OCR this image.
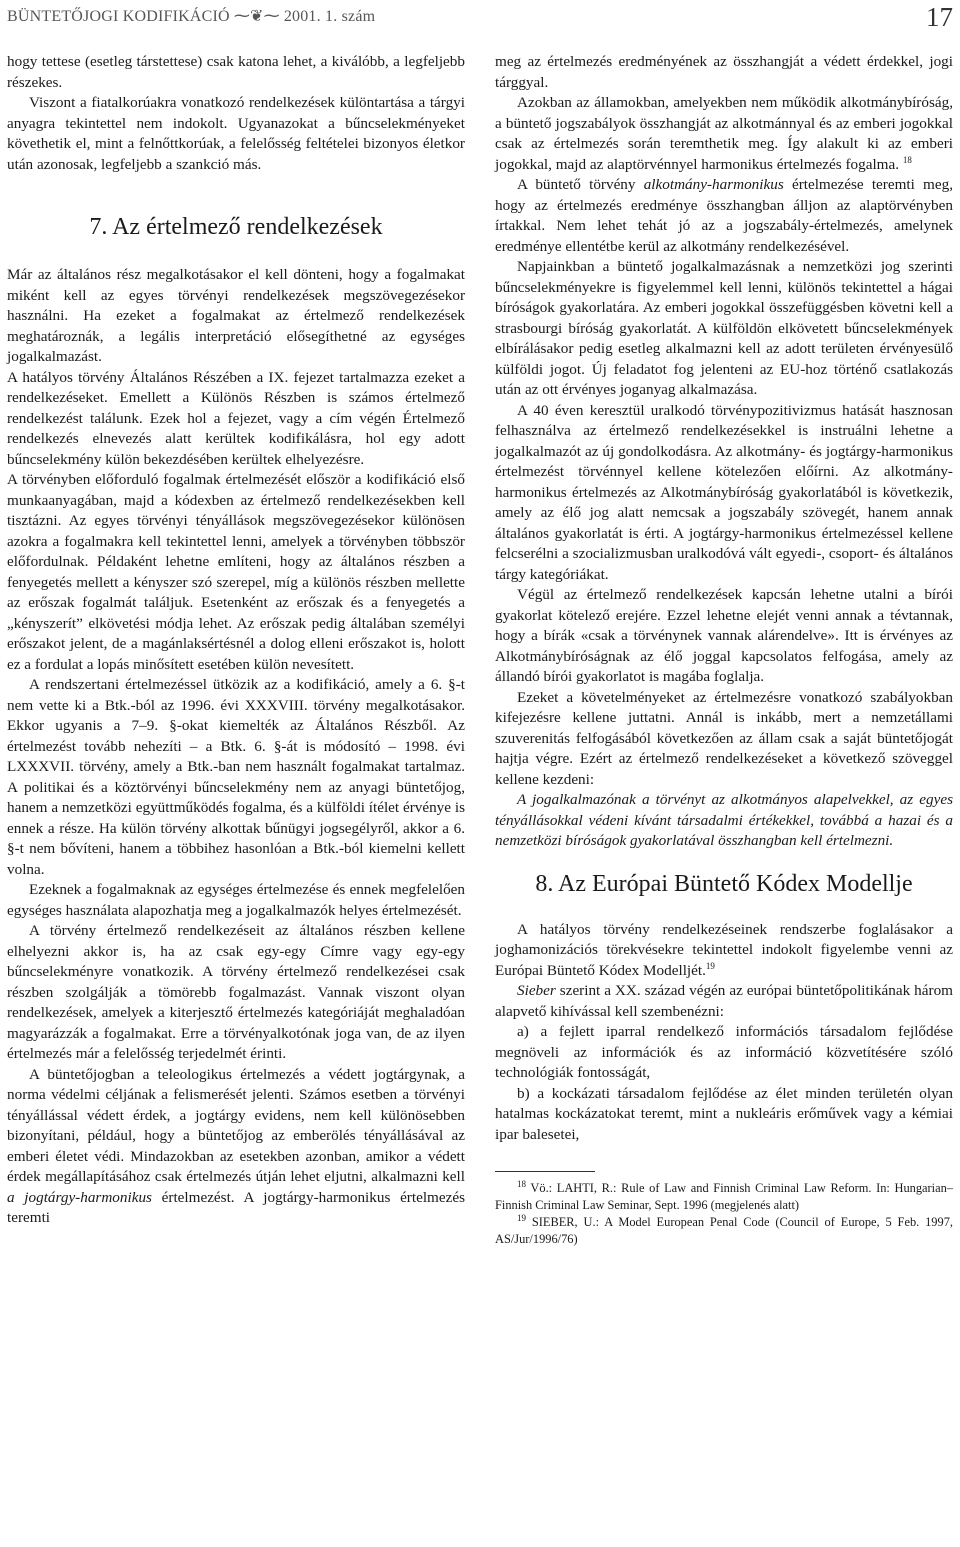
BÜNTETŐJOGI KODIFIKÁCIÓ ⁓❦⁓ 2001. 1. szám	17

hogy tettese (esetleg társtettese) csak katona lehet, a kiválóbb, a legfeljebb részekes.

Viszont a fiatalkorúakra vonatkozó rendelkezések különtartása a tárgyi anyagra tekintettel nem indokolt. Ugyanazokat a bűncselekményeket követhetik el, mint a felnőttkorúak, a felelősség feltételei bizonyos életkor után azonosak, legfeljebb a szankció más.

7. Az értelmező rendelkezések

Már az általános rész megalkotásakor el kell dönteni, hogy a fogalmakat miként kell az egyes törvényi rendelkezések megszövegezésekor használni. Ha ezeket a fogalmakat az értelmező rendelkezések meghatároznák, a legális interpretáció elősegíthetné az egységes jogalkalmazást.

A hatályos törvény Általános Részében a IX. fejezet tartalmazza ezeket a rendelkezéseket. Emellett a Különös Részben is számos értelmező rendelkezést találunk. Ezek hol a fejezet, vagy a cím végén Értelmező rendelkezés elnevezés alatt kerültek kodifikálásra, hol egy adott bűncselekmény külön bekezdésében kerültek elhelyezésre.

A törvényben előforduló fogalmak értelmezését először a kodifikáció első munkaanyagában, majd a kódexben az értelmező rendelkezésekben kell tisztázni. Az egyes törvényi tényállások megszövegezésekor különösen azokra a fogalmakra kell tekintettel lenni, amelyek a törvényben többször előfordulnak. Példaként lehetne említeni, hogy az általános részben a fenyegetés mellett a kényszer szó szerepel, míg a különös részben mellette az erőszak fogalmát találjuk. Esetenként az erőszak és a fenyegetés a „kényszerít” elkövetési módja lehet. Az erőszak pedig általában személyi erőszakot jelent, de a magánlaksértésnél a dolog elleni erőszakot is, holott ez a fordulat a lopás minősített esetében külön nevesített.

A rendszertani értelmezéssel ütközik az a kodifikáció, amely a 6. §-t nem vette ki a Btk.-ból az 1996. évi XXXVIII. törvény megalkotásakor. Ekkor ugyanis a 7–9. §-okat kiemelték az Általános Részből. Az értelmezést tovább nehezíti – a Btk. 6. §-át is módosító – 1998. évi LXXXVII. törvény, amely a Btk.-ban nem használt fogalmakat tartalmaz. A politikai és a köztörvényi bűncselekmény nem az anyagi büntetőjog, hanem a nemzetközi együttműködés fogalma, és a külföldi ítélet érvénye is ennek a része. Ha külön törvény alkottak bűnügyi jogsegélyről, akkor a 6. §-t nem bővíteni, hanem a többihez hasonlóan a Btk.-ból kiemelni kellett volna.

Ezeknek a fogalmaknak az egységes értelmezése és ennek megfelelően egységes használata alapozhatja meg a jogalkalmazók helyes értelmezését.

A törvény értelmező rendelkezéseit az általános részben kellene elhelyezni akkor is, ha az csak egy-egy Címre vagy egy-egy bűncselekményre vonatkozik. A törvény értelmező rendelkezései csak részben szolgálják a tömörebb fogalmazást. Vannak viszont olyan rendelkezések, amelyek a kiterjesztő értelmezés kategóriáját meghaladóan magyarázzák a fogalmakat. Erre a törvényalkotónak joga van, de az ilyen értelmezés már a felelősség terjedelmét érinti.

A büntetőjogban a teleologikus értelmezés a védett jogtárgynak, a norma védelmi céljának a felismerését jelenti. Számos esetben a törvényi tényállással védett érdek, a jogtárgy evidens, nem kell különösebben bizonyítani, például, hogy a büntetőjog az emberölés tényállásával az emberi életet védi. Mindazokban az esetekben azonban, amikor a védett érdek megállapításához csak értelmezés útján lehet eljutni, alkalmazni kell a jogtárgy-harmonikus értelmezést. A jogtárgy-harmonikus értelmezés teremti

meg az értelmezés eredményének az összhangját a védett érdekkel, jogi tárggyal.

Azokban az államokban, amelyekben nem működik alkotmánybíróság, a büntető jogszabályok összhangját az alkotmánnyal és az emberi jogokkal csak az értelmezés során teremthetik meg. Így alakult ki az emberi jogokkal, majd az alaptörvénnyel harmonikus értelmezés fogalma. $^{18}$

A büntető törvény alkotmány-harmonikus értelmezése teremti meg, hogy az értelmezés eredménye összhangban álljon az alaptörvényben írtakkal. Nem lehet tehát jó az a jogszabály-értelmezés, amelynek eredménye ellentétbe kerül az alkotmány rendelkezésével.

Napjainkban a büntető jogalkalmazásnak a nemzetközi jog szerinti bűncselekményekre is figyelemmel kell lenni, különös tekintettel a hágai bíróságok gyakorlatára. Az emberi jogokkal összefüggésben követni kell a strasbourgi bíróság gyakorlatát. A külföldön elkövetett bűncselekmények elbírálásakor pedig esetleg alkalmazni kell az adott területen érvényesülő külföldi jogot. Új feladatot fog jelenteni az EU-hoz történő csatlakozás után az ott érvényes joganyag alkalmazása.

A 40 éven keresztül uralkodó törvénypozitivizmus hatását hasznosan felhasználva az értelmező rendelkezésekkel is instruálni lehetne a jogalkalmazót az új gondolkodásra. Az alkotmány- és jogtárgy-harmonikus értelmezést törvénnyel kellene kötelezően előírni. Az alkotmány-harmonikus értelmezés az Alkotmánybíróság gyakorlatából is következik, amely az élő jog alatt nemcsak a jogszabály szövegét, hanem annak általános gyakorlatát is érti. A jogtárgy-harmonikus értelmezéssel kellene felcserélni a szocializmusban uralkodóvá vált egyedi-, csoport- és általános tárgy kategóriákat.

Végül az értelmező rendelkezések kapcsán lehetne utalni a bírói gyakorlat kötelező erejére. Ezzel lehetne elejét venni annak a tévtannak, hogy a bírák «csak a törvénynek vannak alárendelve». Itt is érvényes az Alkotmánybíróságnak az élő joggal kapcsolatos felfogása, amely az állandó bírói gyakorlatot is magába foglalja.

Ezeket a követelményeket az értelmezésre vonatkozó szabályokban kifejezésre kellene juttatni. Annál is inkább, mert a nemzetállami szuverenitás felfogásából következően az állam csak a saját büntetőjogát hajtja végre. Ezért az értelmező rendelkezéseket a következő szöveggel kellene kezdeni:

A jogalkalmazónak a törvényt az alkotmányos alapelvekkel, az egyes tényállásokkal védeni kívánt társadalmi értékekkel, továbbá a hazai és a nemzetközi bíróságok gyakorlatával összhangban kell értelmezni.

8. Az Európai Büntető Kódex Modellje

A hatályos törvény rendelkezéseinek rendszerbe foglalásakor a joghamonizációs törekvésekre tekintettel indokolt figyelembe venni az Európai Büntető Kódex Modelljét.$^{19}$

Sieber szerint a XX. század végén az európai büntetőpolitikának három alapvető kihívással kell szembenézni:

a) a fejlett iparral rendelkező információs társadalom fejlődése megnöveli az információk és az információ közvetítésére szóló technológiák fontosságát,

b) a kockázati társadalom fejlődése az élet minden területén olyan hatalmas kockázatokat teremt, mint a nukleáris erőművek vagy a kémiai ipar balesetei,

$^{18}$ Vö.: LAHTI, R.: Rule of Law and Finnish Criminal Law Reform. In: Hungarian–Finnish Criminal Law Seminar, Sept. 1996 (megjelenés alatt)

$^{19}$ SIEBER, U.: A Model European Penal Code (Council of Europe, 5 Feb. 1997, AS/Jur/1996/76)
